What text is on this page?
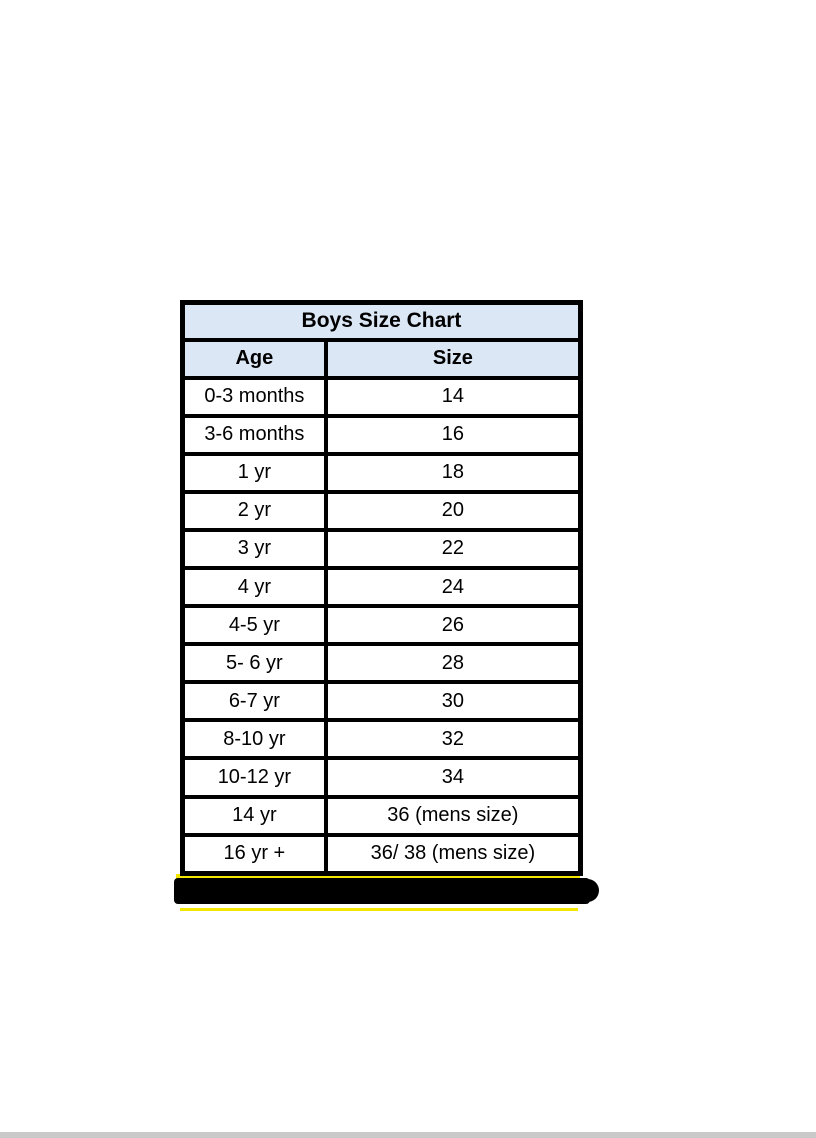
Boys Size Chart	
Age	Size
0-3 months	14
3-6 months	16
1 yr	18
2 yr	20
3 yr	22
4 yr	24
4-5 yr	26
5- 6 yr	28
6-7 yr	30
8-10 yr	32
10-12 yr	34
14 yr	36 (mens size)
16 yr +	36/ 38 (mens size)
